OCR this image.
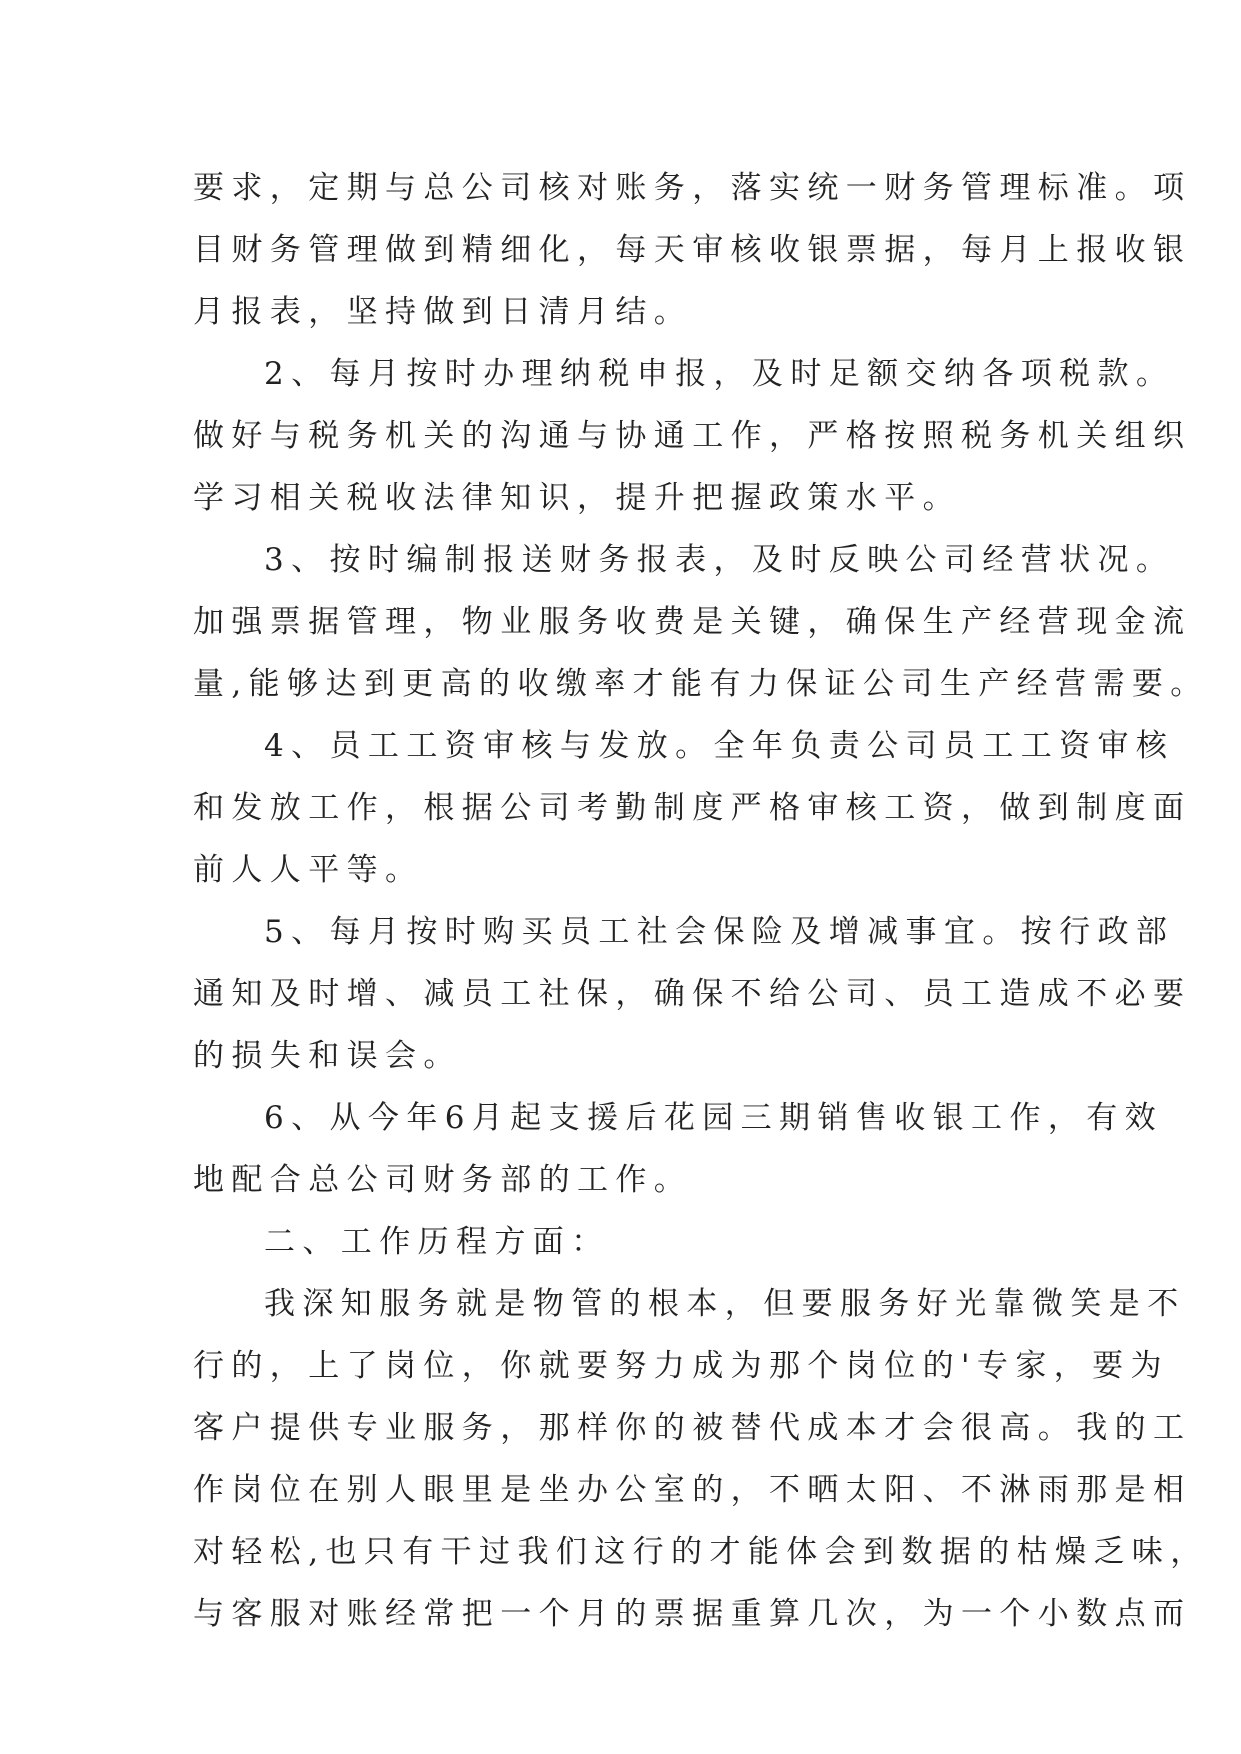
要求，定期与总公司核对账务，落实统一财务管理标准。项
目财务管理做到精细化，每天审核收银票据，每月上报收银
月报表，坚持做到日清月结。
2、每月按时办理纳税申报，及时足额交纳各项税款。
做好与税务机关的沟通与协通工作，严格按照税务机关组织
学习相关税收法律知识，提升把握政策水平。
3、按时编制报送财务报表，及时反映公司经营状况。
加强票据管理，物业服务收费是关键，确保生产经营现金流
量,能够达到更高的收缴率才能有力保证公司生产经营需要。
4、员工工资审核与发放。全年负责公司员工工资审核
和发放工作，根据公司考勤制度严格审核工资，做到制度面
前人人平等。
5、每月按时购买员工社会保险及增减事宜。按行政部
通知及时增、减员工社保，确保不给公司、员工造成不必要
的损失和误会。
6、从今年6月起支援后花园三期销售收银工作，有效
地配合总公司财务部的工作。
二、工作历程方面：
我深知服务就是物管的根本，但要服务好光靠微笑是不
行的，上了岗位，你就要努力成为那个岗位的'专家，要为
客户提供专业服务，那样你的被替代成本才会很高。我的工
作岗位在别人眼里是坐办公室的，不晒太阳、不淋雨那是相
对轻松,也只有干过我们这行的才能体会到数据的枯燥乏味，
与客服对账经常把一个月的票据重算几次，为一个小数点而
